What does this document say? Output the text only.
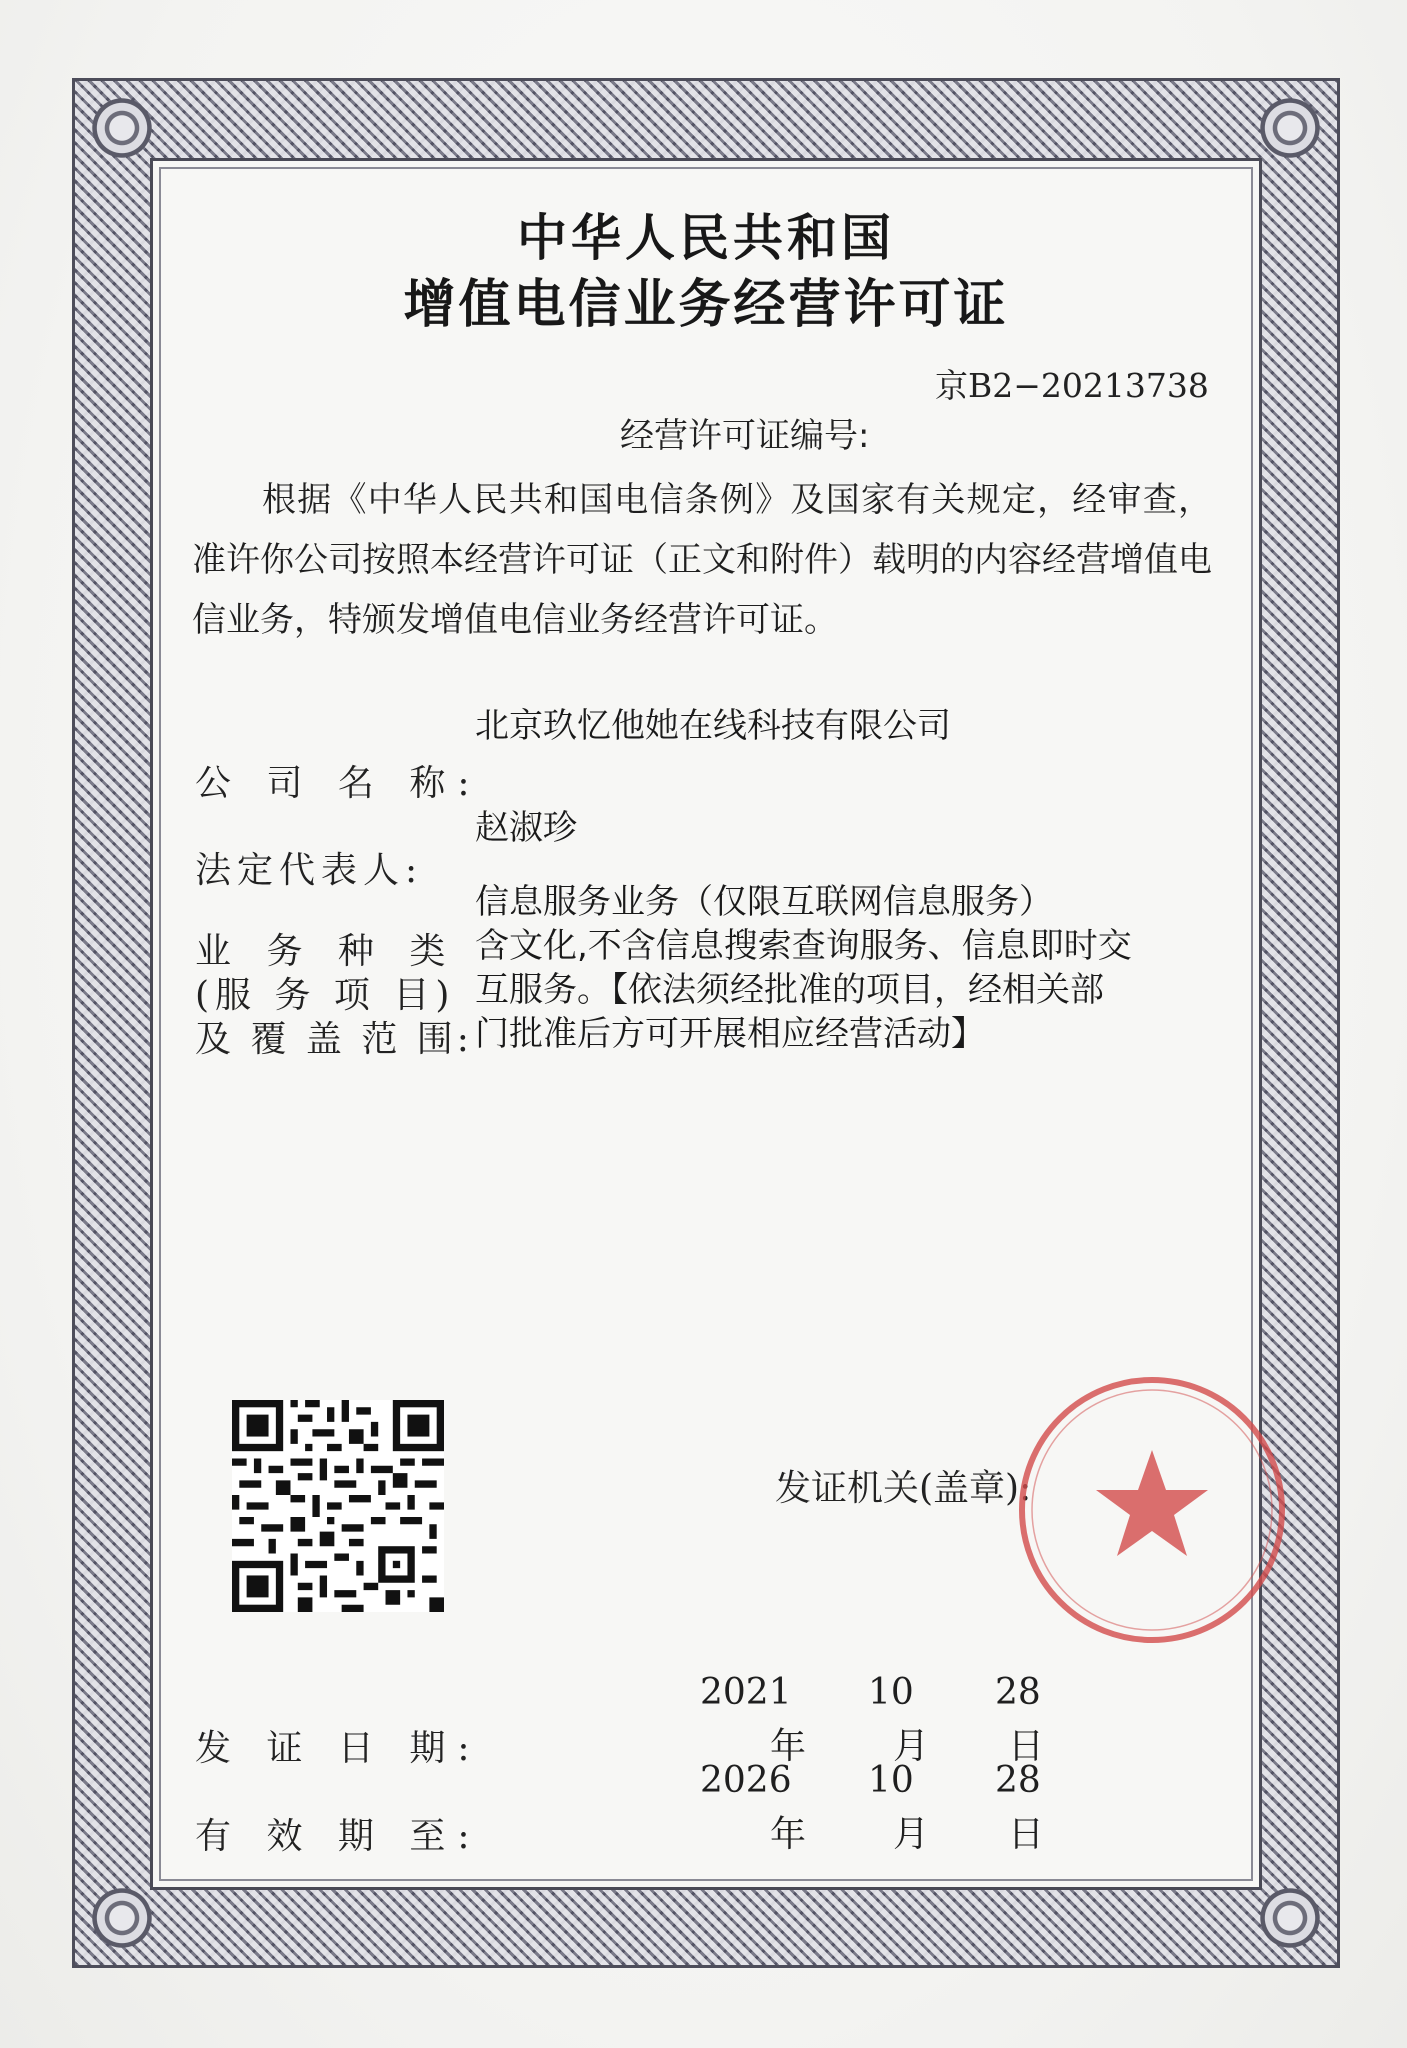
中华人民共和国
增值电信业务经营许可证
京B2−20213738
经营许可证编号:
根据《中华人民共和国电信条例》及国家有关规定，经审查，准许你公司按照本经营许可证（正文和附件）载明的内容经营增值电信业务，特颁发增值电信业务经营许可证。
北京玖忆他她在线科技有限公司
公 司 名 称:
赵淑珍
法定代表人:
信息服务业务（仅限互联网信息服务）
含文化,不含信息搜索查询服务、信息即时交
互服务。【依法须经批准的项目，经相关部
门批准后方可开展相应经营活动】
业 务 种 类
(服 务 项 目)
及 覆 盖 范 围:
发证机关(盖章):
发 证 日 期:
2021 10 28
年 月 日
有 效 期 至:
2026 10 28
年 月 日
